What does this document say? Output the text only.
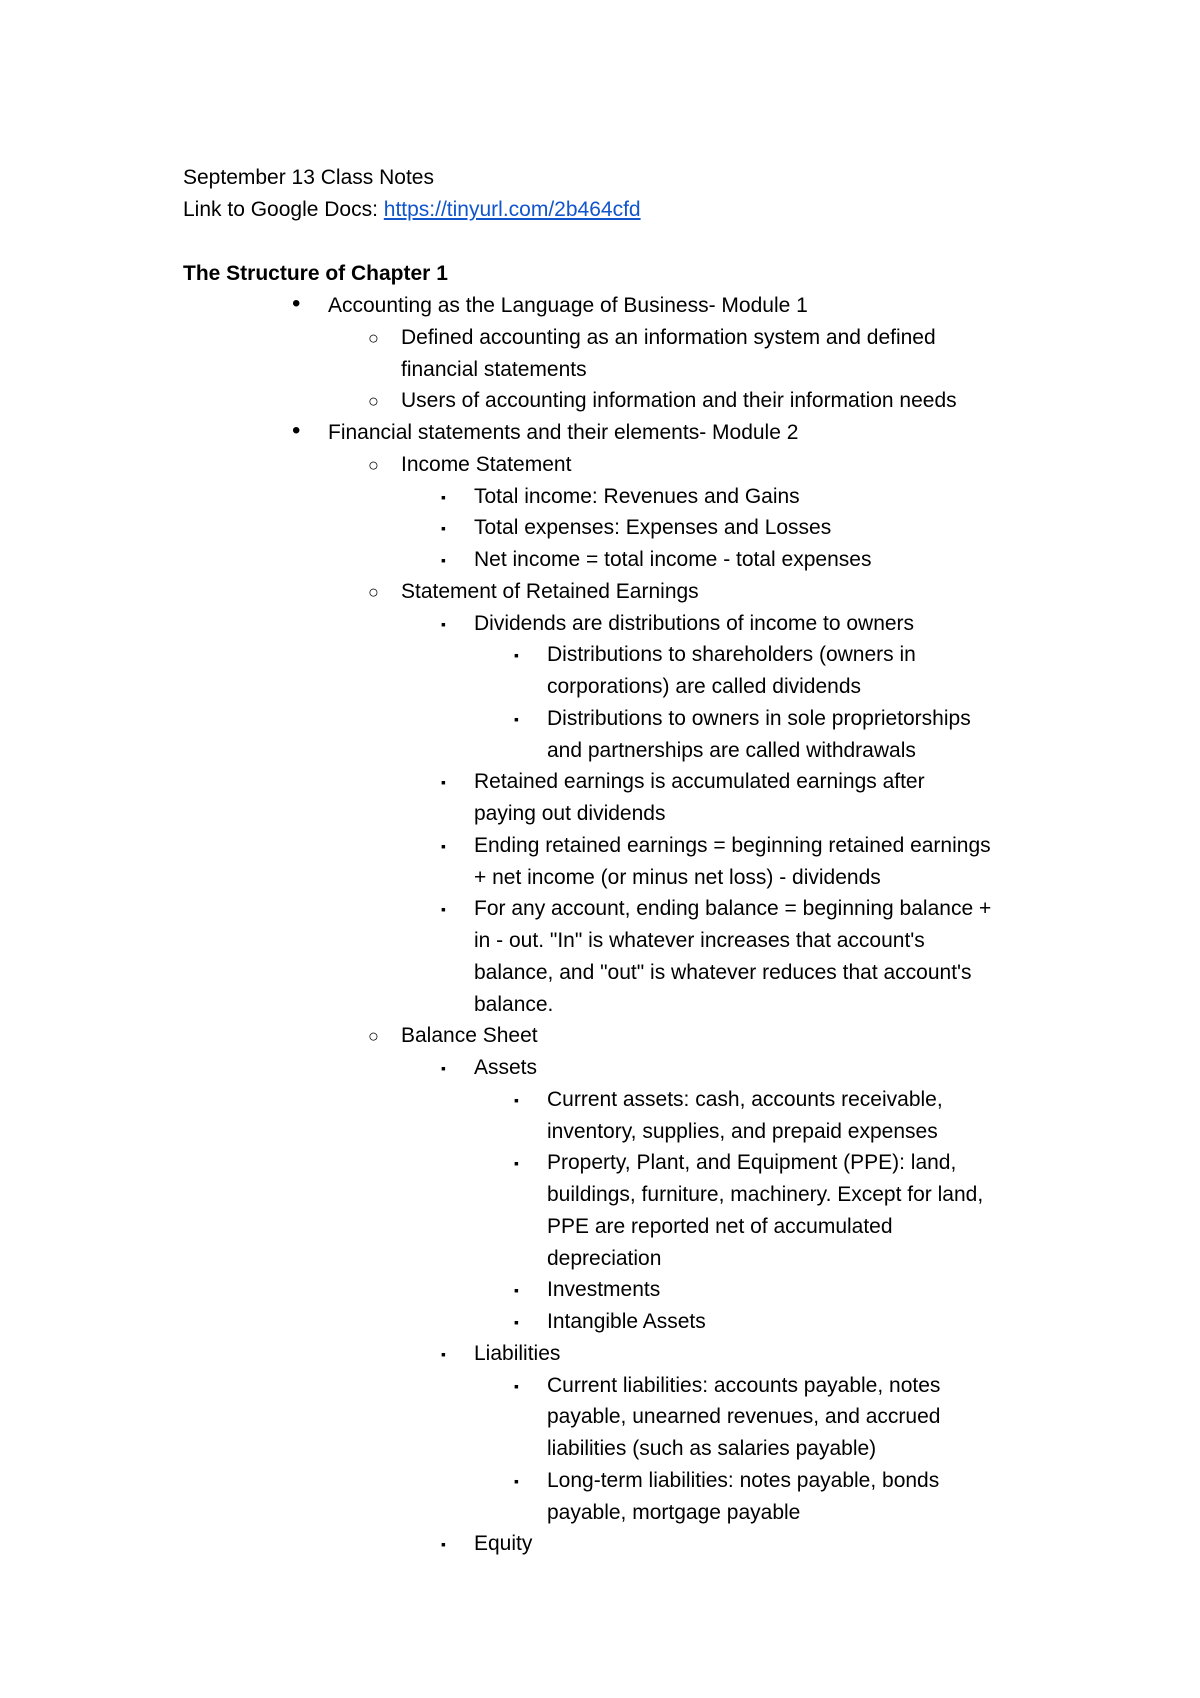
September 13 Class Notes
Link to Google Docs: https://tinyurl.com/2b464cfd
The Structure of Chapter 1
• Accounting as the Language of Business- Module 1
○ Defined accounting as an information system and defined
financial statements
○ Users of accounting information and their information needs
• Financial statements and their elements- Module 2
○ Income Statement
▪ Total income: Revenues and Gains
▪ Total expenses: Expenses and Losses
▪ Net income = total income - total expenses
○ Statement of Retained Earnings
▪ Dividends are distributions of income to owners
▪ Distributions to shareholders (owners in
corporations) are called dividends
▪ Distributions to owners in sole proprietorships
and partnerships are called withdrawals
▪ Retained earnings is accumulated earnings after
paying out dividends
▪ Ending retained earnings = beginning retained earnings
+ net income (or minus net loss) - dividends
▪ For any account, ending balance = beginning balance +
in - out. "In" is whatever increases that account's
balance, and "out" is whatever reduces that account's
balance.
○ Balance Sheet
▪ Assets
▪ Current assets: cash, accounts receivable,
inventory, supplies, and prepaid expenses
▪ Property, Plant, and Equipment (PPE): land,
buildings, furniture, machinery. Except for land,
PPE are reported net of accumulated
depreciation
▪ Investments
▪ Intangible Assets
▪ Liabilities
▪ Current liabilities: accounts payable, notes
payable, unearned revenues, and accrued
liabilities (such as salaries payable)
▪ Long-term liabilities: notes payable, bonds
payable, mortgage payable
▪ Equity
